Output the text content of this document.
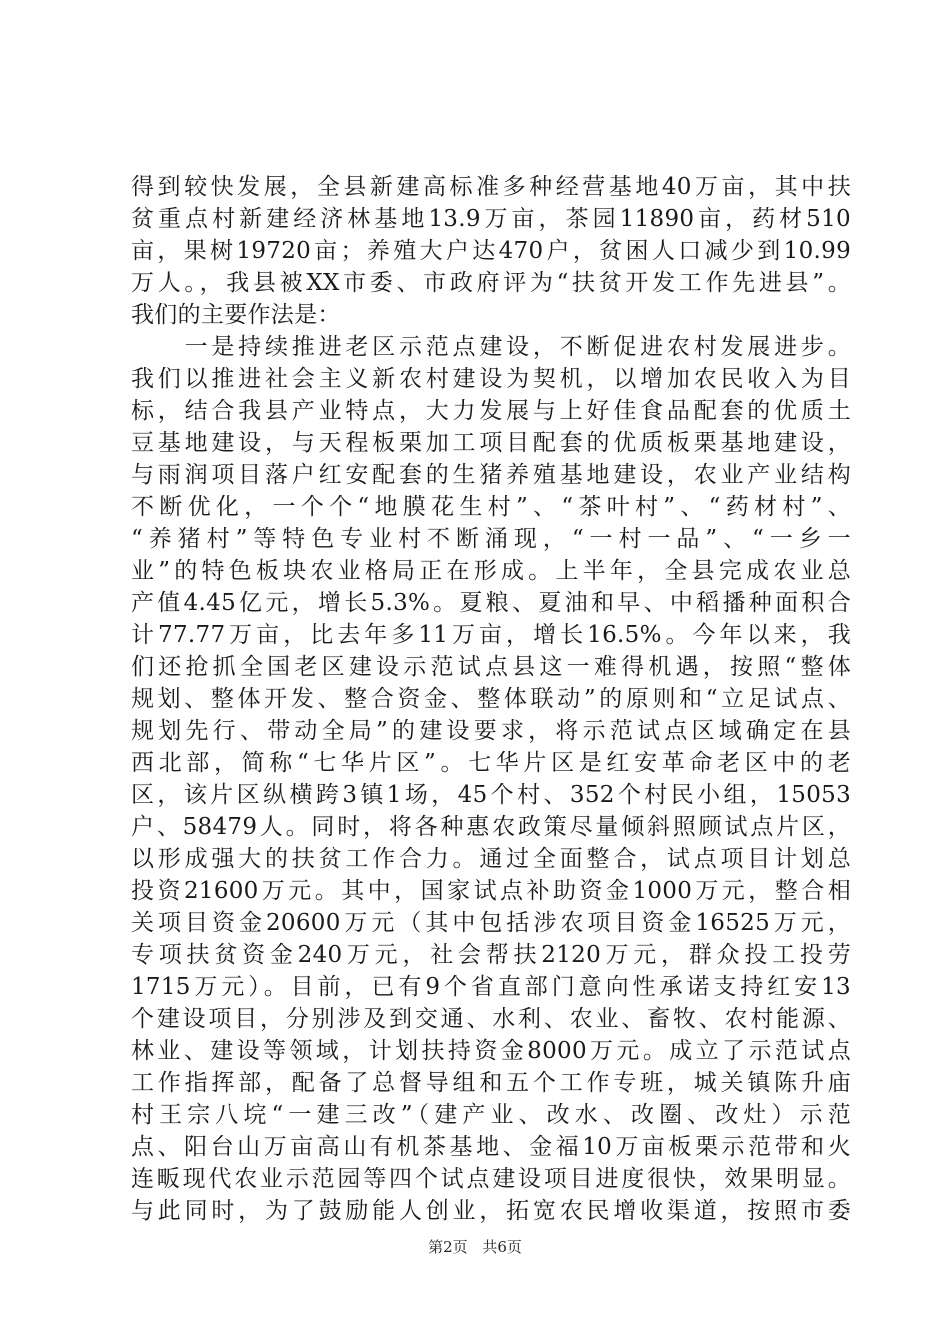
得到较快发展，全县新建高标准多种经营基地40万亩，其中扶
贫重点村新建经济林基地13.9万亩，茶园11890亩，药材510
亩，果树19720亩；养殖大户达470户，贫困人口减少到10.99
万人。，我县被XX市委、市政府评为“扶贫开发工作先进县”。
我们的主要作法是：
　　一是持续推进老区示范点建设，不断促进农村发展进步。
我们以推进社会主义新农村建设为契机，以增加农民收入为目
标，结合我县产业特点，大力发展与上好佳食品配套的优质土
豆基地建设，与天程板栗加工项目配套的优质板栗基地建设，
与雨润项目落户红安配套的生猪养殖基地建设，农业产业结构
不断优化，一个个“地膜花生村”、“茶叶村”、“药材村”、
“养猪村”等特色专业村不断涌现，“一村一品”、“一乡一
业”的特色板块农业格局正在形成。上半年，全县完成农业总
产值4.45亿元，增长5.3%。夏粮、夏油和早、中稻播种面积合
计77.77万亩，比去年多11万亩，增长16.5%。今年以来，我
们还抢抓全国老区建设示范试点县这一难得机遇，按照“整体
规划、整体开发、整合资金、整体联动”的原则和“立足试点、
规划先行、带动全局”的建设要求，将示范试点区域确定在县
西北部，简称“七华片区”。七华片区是红安革命老区中的老
区，该片区纵横跨3镇1场，45个村、352个村民小组，15053
户、58479人。同时，将各种惠农政策尽量倾斜照顾试点片区，
以形成强大的扶贫工作合力。通过全面整合，试点项目计划总
投资21600万元。其中，国家试点补助资金1000万元，整合相
关项目资金20600万元（其中包括涉农项目资金16525万元，
专项扶贫资金240万元，社会帮扶2120万元，群众投工投劳
1715万元）。目前，已有9个省直部门意向性承诺支持红安13
个建设项目，分别涉及到交通、水利、农业、畜牧、农村能源、
林业、建设等领域，计划扶持资金8000万元。成立了示范试点
工作指挥部，配备了总督导组和五个工作专班，城关镇陈升庙
村王宗八垸“一建三改”（建产业、改水、改圈、改灶）示范
点、阳台山万亩高山有机茶基地、金福10万亩板栗示范带和火
连畈现代农业示范园等四个试点建设项目进度很快，效果明显。
与此同时，为了鼓励能人创业，拓宽农民增收渠道，按照市委
第2页 共6页
